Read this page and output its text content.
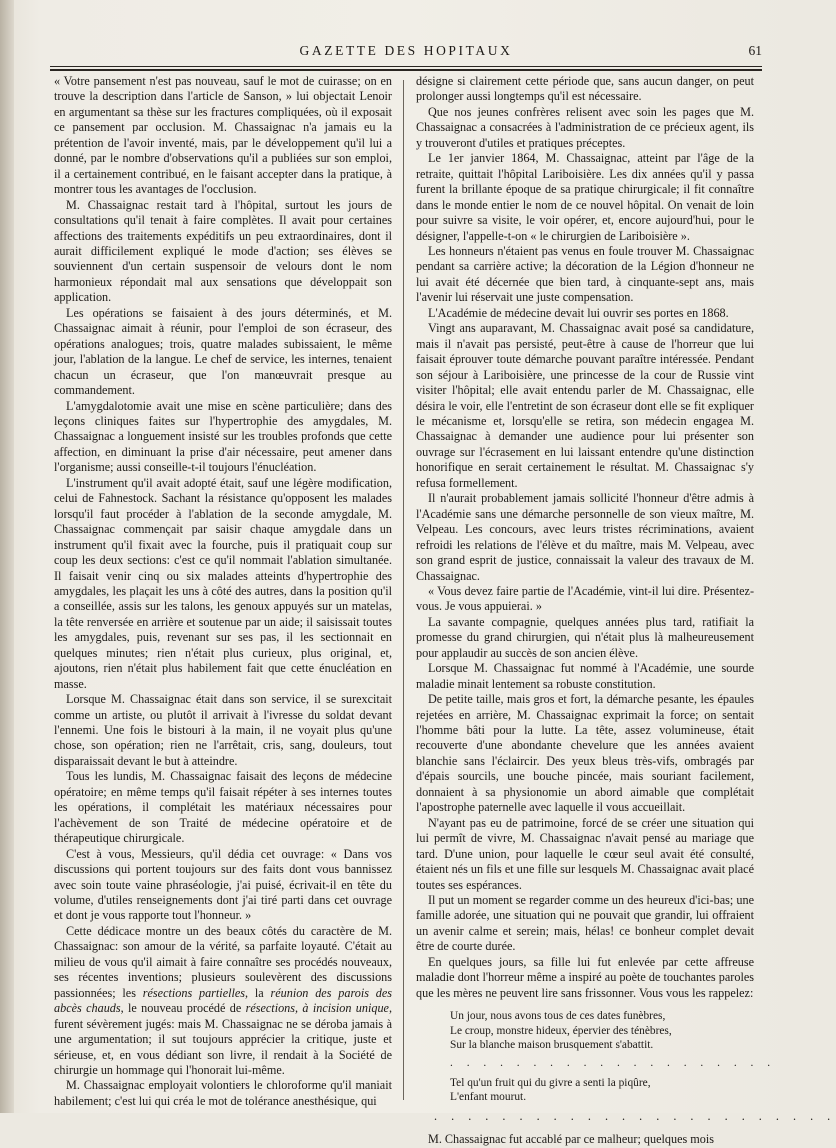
GAZETTE DES HOPITAUX	61

« Votre pansement n'est pas nouveau, sauf le mot de cuirasse; on en trouve la description dans l'article de Sanson, » lui objectait Lenoir en argumentant sa thèse sur les fractures compliquées, où il exposait ce pansement par occlusion. M. Chassaignac n'a jamais eu la prétention de l'avoir inventé, mais, par le développement qu'il lui a donné, par le nombre d'observations qu'il a publiées sur son emploi, il a certainement contribué, en le faisant accepter dans la pratique, à montrer tous les avantages de l'occlusion.

M. Chassaignac restait tard à l'hôpital, surtout les jours de consultations qu'il tenait à faire complètes. Il avait pour certaines affections des traitements expéditifs un peu extraordinaires, dont il aurait difficilement expliqué le mode d'action; ses élèves se souviennent d'un certain suspensoir de velours dont le nom harmonieux répondait mal aux sensations que développait son application.

Les opérations se faisaient à des jours déterminés, et M. Chassaignac aimait à réunir, pour l'emploi de son écraseur, des opérations analogues; trois, quatre malades subissaient, le même jour, l'ablation de la langue. Le chef de service, les internes, tenaient chacun un écraseur, que l'on manœuvrait presque au commandement.

L'amygdalotomie avait une mise en scène particulière; dans des leçons cliniques faites sur l'hypertrophie des amygdales, M. Chassaignac a longuement insisté sur les troubles profonds que cette affection, en diminuant la prise d'air nécessaire, peut amener dans l'organisme; aussi conseille-t-il toujours l'énucléation.

L'instrument qu'il avait adopté était, sauf une légère modification, celui de Fahnestock. Sachant la résistance qu'opposent les malades lorsqu'il faut procéder à l'ablation de la seconde amygdale, M. Chassaignac commençait par saisir chaque amygdale dans un instrument qu'il fixait avec la fourche, puis il pratiquait coup sur coup les deux sections: c'est ce qu'il nommait l'ablation simultanée. Il faisait venir cinq ou six malades atteints d'hypertrophie des amygdales, les plaçait les uns à côté des autres, dans la position qu'il a conseillée, assis sur les talons, les genoux appuyés sur un matelas, la tête renversée en arrière et soutenue par un aide; il saisissait toutes les amygdales, puis, revenant sur ses pas, il les sectionnait en quelques minutes; rien n'était plus curieux, plus original, et, ajoutons, rien n'était plus habilement fait que cette énucléation en masse.

Lorsque M. Chassaignac était dans son service, il se surexcitait comme un artiste, ou plutôt il arrivait à l'ivresse du soldat devant l'ennemi. Une fois le bistouri à la main, il ne voyait plus qu'une chose, son opération; rien ne l'arrêtait, cris, sang, douleurs, tout disparaissait devant le but à atteindre.

Tous les lundis, M. Chassaignac faisait des leçons de médecine opératoire; en même temps qu'il faisait répéter à ses internes toutes les opérations, il complétait les matériaux nécessaires pour l'achèvement de son Traité de médecine opératoire et de thérapeutique chirurgicale.

C'est à vous, Messieurs, qu'il dédia cet ouvrage: « Dans vos discussions qui portent toujours sur des faits dont vous bannissez avec soin toute vaine phraséologie, j'ai puisé, écrivait-il en tête du volume, d'utiles renseignements dont j'ai tiré parti dans cet ouvrage et dont je vous rapporte tout l'honneur. »

Cette dédicace montre un des beaux côtés du caractère de M. Chassaignac: son amour de la vérité, sa parfaite loyauté. C'était au milieu de vous qu'il aimait à faire connaître ses procédés nouveaux, ses récentes inventions; plusieurs soulevèrent des discussions passionnées; les résections partielles, la réunion des parois des abcès chauds, le nouveau procédé de résections, à incision unique, furent sévèrement jugés: mais M. Chassaignac ne se déroba jamais à une argumentation; il sut toujours apprécier la critique, juste et sérieuse, et, en vous dédiant son livre, il rendait à la Société de chirurgie un hommage qui l'honorait lui-même.

M. Chassaignac employait volontiers le chloroforme qu'il maniait habilement; c'est lui qui créa le mot de tolérance anesthésique, qui

désigne si clairement cette période que, sans aucun danger, on peut prolonger aussi longtemps qu'il est nécessaire.

Que nos jeunes confrères relisent avec soin les pages que M. Chassaignac a consacrées à l'administration de ce précieux agent, ils y trouveront d'utiles et pratiques préceptes.

Le 1er janvier 1864, M. Chassaignac, atteint par l'âge de la retraite, quittait l'hôpital Lariboisière. Les dix années qu'il y passa furent la brillante époque de sa pratique chirurgicale; il fit connaître dans le monde entier le nom de ce nouvel hôpital. On venait de loin pour suivre sa visite, le voir opérer, et, encore aujourd'hui, pour le désigner, l'appelle-t-on « le chirurgien de Lariboisière ».

Les honneurs n'étaient pas venus en foule trouver M. Chassaignac pendant sa carrière active; la décoration de la Légion d'honneur ne lui avait été décernée que bien tard, à cinquante-sept ans, mais l'avenir lui réservait une juste compensation.

L'Académie de médecine devait lui ouvrir ses portes en 1868.

Vingt ans auparavant, M. Chassaignac avait posé sa candidature, mais il n'avait pas persisté, peut-être à cause de l'horreur que lui faisait éprouver toute démarche pouvant paraître intéressée. Pendant son séjour à Lariboisière, une princesse de la cour de Russie vint visiter l'hôpital; elle avait entendu parler de M. Chassaignac, elle désira le voir, elle l'entretint de son écraseur dont elle se fit expliquer le mécanisme et, lorsqu'elle se retira, son médecin engagea M. Chassaignac à demander une audience pour lui présenter son ouvrage sur l'écrasement en lui laissant entendre qu'une distinction honorifique en serait certainement le résultat. M. Chassaignac s'y refusa formellement.

Il n'aurait probablement jamais sollicité l'honneur d'être admis à l'Académie sans une démarche personnelle de son vieux maître, M. Velpeau. Les concours, avec leurs tristes récriminations, avaient refroidi les relations de l'élève et du maître, mais M. Velpeau, avec son grand esprit de justice, connaissait la valeur des travaux de M. Chassaignac.

« Vous devez faire partie de l'Académie, vint-il lui dire. Présentez-vous. Je vous appuierai. »

La savante compagnie, quelques années plus tard, ratifiait la promesse du grand chirurgien, qui n'était plus là malheureusement pour applaudir au succès de son ancien élève.

Lorsque M. Chassaignac fut nommé à l'Académie, une sourde maladie minait lentement sa robuste constitution.

De petite taille, mais gros et fort, la démarche pesante, les épaules rejetées en arrière, M. Chassaignac exprimait la force; on sentait l'homme bâti pour la lutte. La tête, assez volumineuse, était recouverte d'une abondante chevelure que les années avaient blanchie sans l'éclaircir. Des yeux bleus très-vifs, ombragés par d'épais sourcils, une bouche pincée, mais souriant facilement, donnaient à sa physionomie un abord aimable que complétait l'apostrophe paternelle avec laquelle il vous accueillait.

N'ayant pas eu de patrimoine, forcé de se créer une situation qui lui permît de vivre, M. Chassaignac n'avait pensé au mariage que tard. D'une union, pour laquelle le cœur seul avait été consulté, étaient nés un fils et une fille sur lesquels M. Chassaignac avait placé toutes ses espérances.

Il put un moment se regarder comme un des heureux d'ici-bas; une famille adorée, une situation qui ne pouvait que grandir, lui offraient un avenir calme et serein; mais, hélas! ce bonheur complet devait être de courte durée.

En quelques jours, sa fille lui fut enlevée par cette affreuse maladie dont l'horreur même a inspiré au poète de touchantes paroles que les mères ne peuvent lire sans frissonner. Vous vous les rappelez:

Un jour, nous avons tous de ces dates funèbres,
Le croup, monstre hideux, épervier des ténèbres,
Sur la blanche maison brusquement s'abattit.
. . . . . . . . . . . . . . . . . . . .
Tel qu'un fruit qui du givre a senti la piqûre,
L'enfant mourut.
. . . . . . . . . . . . . . . . . . . . . . . .

M. Chassaignac fut accablé par ce malheur; quelques mois
